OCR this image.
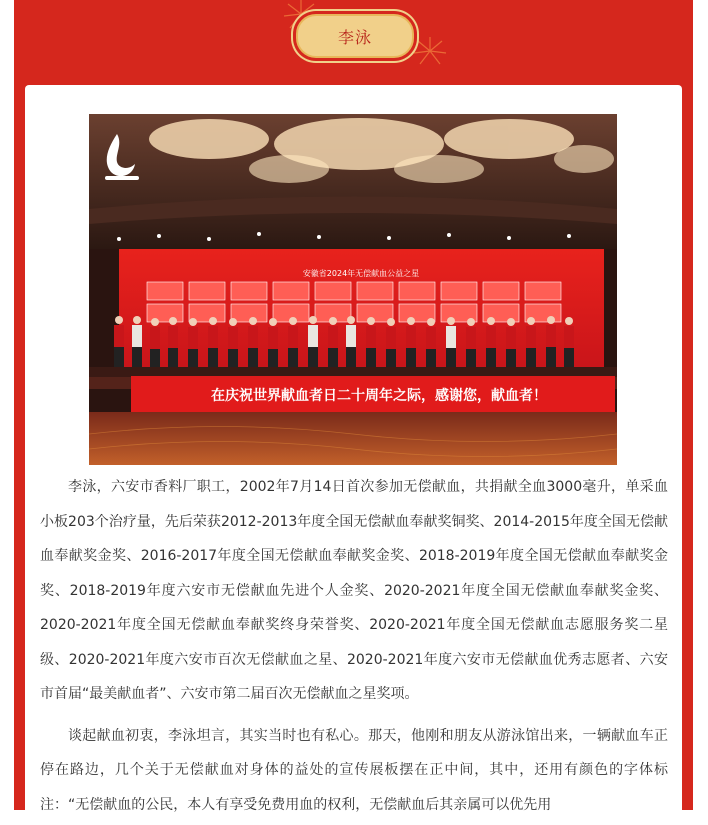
李泳
安徽省2024年无偿献血公益之星
在庆祝世界献血者日二十周年之际，感谢您，献血者！

李泳，六安市香料厂职工，2002年7月14日首次参加无偿献血，共捐献全血3000毫升，单采血小板203个治疗量，先后荣获2012-2013年度全国无偿献血奉献奖铜奖、2014-2015年度全国无偿献血奉献奖金奖、2016-2017年度全国无偿献血奉献奖金奖、2018-2019年度全国无偿献血奉献奖金奖、2018-2019年度六安市无偿献血先进个人金奖、2020-2021年度全国无偿献血奉献奖金奖、2020-2021年度全国无偿献血奉献奖终身荣誉奖、2020-2021年度全国无偿献血志愿服务奖二星级、2020-2021年度六安市百次无偿献血之星、2020-2021年度六安市无偿献血优秀志愿者、六安市首届“最美献血者”、六安市第二届百次无偿献血之星奖项。

谈起献血初衷，李泳坦言，其实当时也有私心。那天，他刚和朋友从游泳馆出来，一辆献血车正停在路边，几个关于无偿献血对身体的益处的宣传展板摆在正中间，其中，还用有颜色的字体标注：“无偿献血的公民，本人有享受免费用血的权利，无偿献血后其亲属可以优先用
